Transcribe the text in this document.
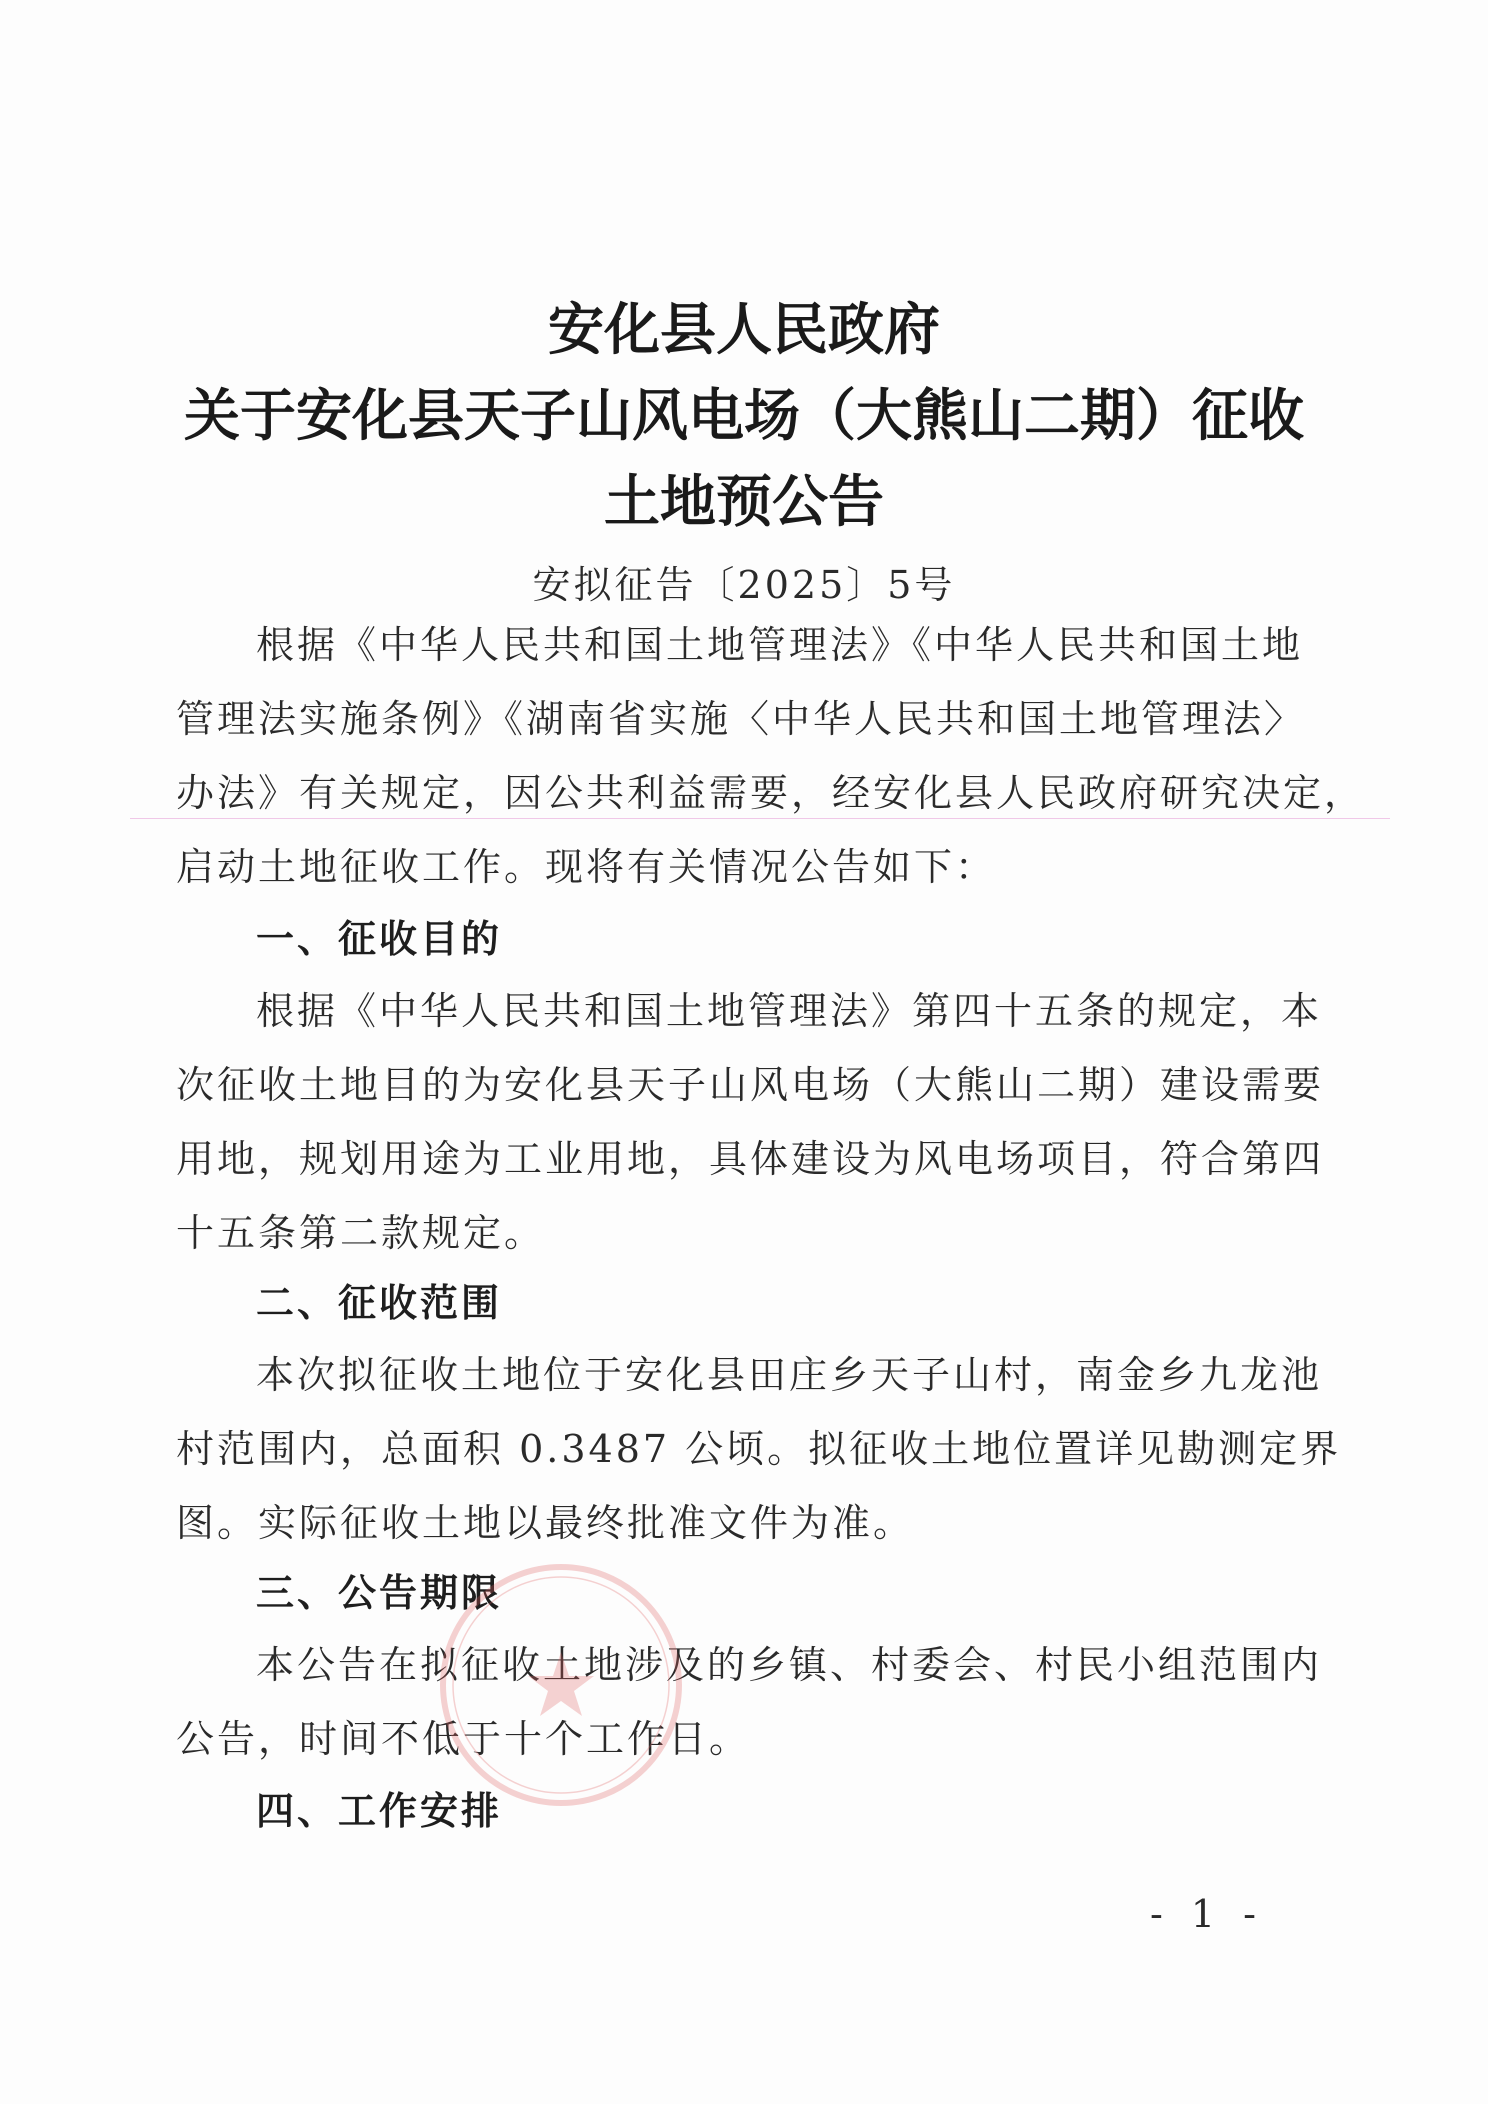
安化县人民政府
关于安化县天子山风电场（大熊山二期）征收
土地预公告
安拟征告〔2025〕5号
根据《中华人民共和国土地管理法》《中华人民共和国土地
管理法实施条例》《湖南省实施〈中华人民共和国土地管理法〉
办法》有关规定，因公共利益需要，经安化县人民政府研究决定，
启动土地征收工作。现将有关情况公告如下：
一、征收目的
根据《中华人民共和国土地管理法》第四十五条的规定，本
次征收土地目的为安化县天子山风电场（大熊山二期）建设需要
用地，规划用途为工业用地，具体建设为风电场项目，符合第四
十五条第二款规定。
二、征收范围
本次拟征收土地位于安化县田庄乡天子山村，南金乡九龙池
村范围内，总面积 0.3487 公顷。拟征收土地位置详见勘测定界
图。实际征收土地以最终批准文件为准。
三、公告期限
本公告在拟征收土地涉及的乡镇、村委会、村民小组范围内
公告，时间不低于十个工作日。
四、工作安排
- 1 -
